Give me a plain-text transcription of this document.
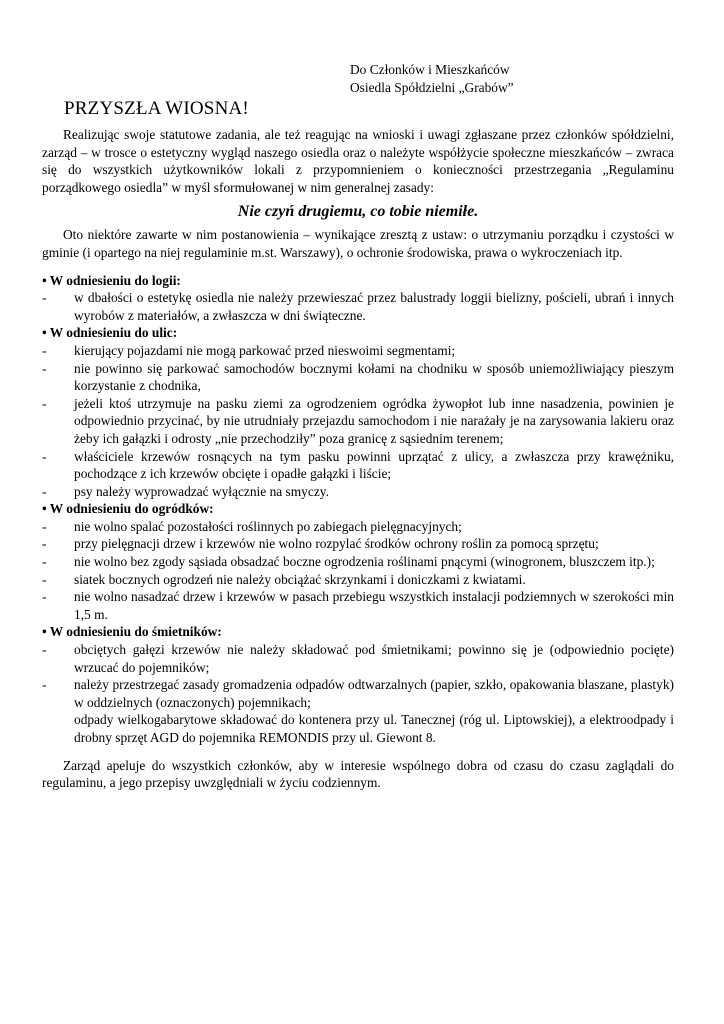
Do Członków i Mieszkańców
Osiedla Spółdzielni „Grabów”
PRZYSZŁA WIOSNA!

Realizując swoje statutowe zadania, ale też reagując na wnioski i uwagi zgłaszane przez członków spółdzielni, zarząd – w trosce o estetyczny wygląd naszego osiedla oraz o należyte współżycie społeczne mieszkańców – zwraca się do wszystkich użytkowników lokali z przypomnieniem o konieczności przestrzegania „Regulaminu porządkowego osiedla” w myśl sformułowanej w nim generalnej zasady:

Nie czyń drugiemu, co tobie niemiłe.

Oto niektóre zawarte w nim postanowienia – wynikające zresztą z ustaw: o utrzymaniu porządku i czystości w gminie (i opartego na niej regulaminie m.st. Warszawy), o ochronie środowiska, prawa o wykroczeniach itp.

• W odniesieniu do logii:
- w dbałości o estetykę osiedla nie należy przewieszać przez balustrady loggii bielizny, pościeli, ubrań i innych wyrobów z materiałów, a zwłaszcza w dni świąteczne.
• W odniesieniu do ulic:
- kierujący pojazdami nie mogą parkować przed nieswoimi segmentami;
- nie powinno się parkować samochodów bocznymi kołami na chodniku w sposób uniemożliwiający pieszym korzystanie z chodnika,
- jeżeli ktoś utrzymuje na pasku ziemi za ogrodzeniem ogródka żywopłot lub inne nasadzenia, powinien je odpowiednio przycinać, by nie utrudniały przejazdu samochodom i nie narażały je na zarysowania lakieru oraz żeby ich gałązki i odrosty „nie przechodziły” poza granicę z sąsiednim terenem;
- właściciele krzewów rosnących na tym pasku powinni uprzątać z ulicy, a zwłaszcza przy krawężniku, pochodzące z ich krzewów obcięte i opadłe gałązki i liście;
- psy należy wyprowadzać wyłącznie na smyczy.
• W odniesieniu do ogródków:
- nie wolno spalać pozostałości roślinnych po zabiegach pielęgnacyjnych;
- przy pielęgnacji drzew i krzewów nie wolno rozpylać środków ochrony roślin za pomocą sprzętu;
- nie wolno bez zgody sąsiada obsadzać boczne ogrodzenia roślinami pnącymi (winogronem, bluszczem itp.);
- siatek bocznych ogrodzeń nie należy obciążać skrzynkami i doniczkami z kwiatami.
- nie wolno nasadzać drzew i krzewów w pasach przebiegu wszystkich instalacji podziemnych w szerokości min 1,5 m.
• W odniesieniu do śmietników:
- obciętych gałęzi krzewów nie należy składować pod śmietnikami; powinno się je (odpowiednio pocięte) wrzucać do pojemników;
- należy przestrzegać zasady gromadzenia odpadów odtwarzalnych (papier, szkło, opakowania blaszane, plastyk) w oddzielnych (oznaczonych) pojemnikach;
odpady wielkogabarytowe składować do kontenera przy ul. Tanecznej (róg ul. Liptowskiej), a elektroodpady i drobny sprzęt AGD do pojemnika REMONDIS przy ul. Giewont 8.

Zarząd apeluje do wszystkich członków, aby w interesie wspólnego dobra od czasu do czasu zaglądali do regulaminu, a jego przepisy uwzględniali w życiu codziennym.
